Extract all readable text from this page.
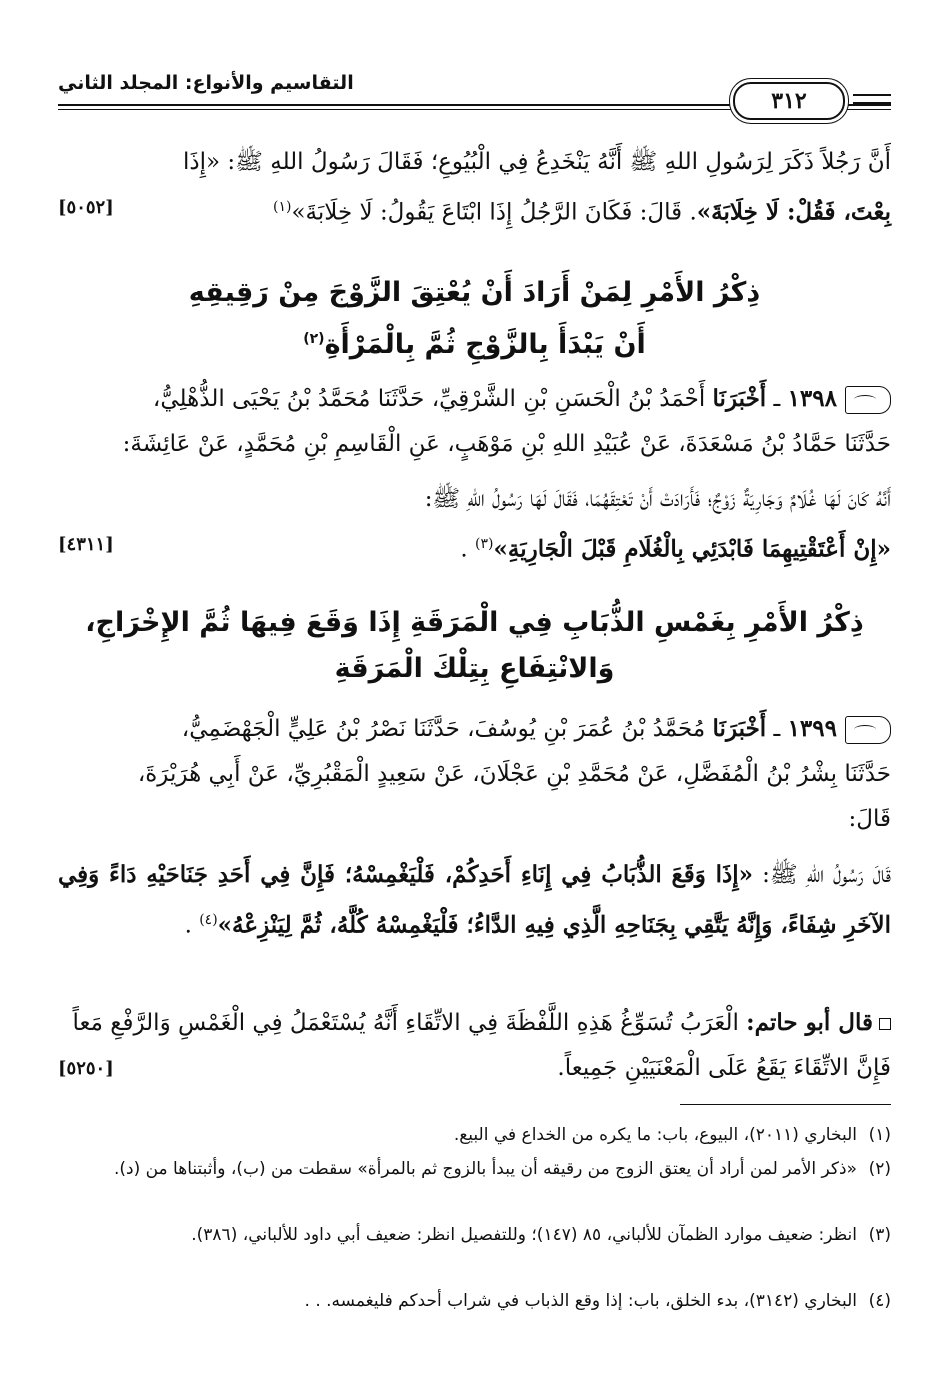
التقاسيم والأنواع: المجلد الثاني
٣١٢
أَنَّ رَجُلاً ذَكَرَ لِرَسُولِ اللهِ ﷺ أَنَّهُ يَنْخَدِعُ فِي الْبُيُوعِ؛ فَقَالَ رَسُولُ اللهِ ﷺ: «إِذَا
بِعْتَ، فَقُلْ: لَا خِلَابَةَ». قَالَ: فَكَانَ الرَّجُلُ إِذَا ابْتَاعَ يَقُولُ: لَا خِلَابَةَ»$^{(١)}$
[٥٠٥٢]
ذِكْرُ الأَمْرِ لِمَنْ أَرَادَ أَنْ يُعْتِقَ الزَّوْجَ مِنْ رَقِيقِهِ
أَنْ يَبْدَأَ بِالزَّوْجِ ثُمَّ بِالْمَرْأَةِ$^{(٢)}$
١٣٩٨ ـ أَخْبَرَنَا أَحْمَدُ بْنُ الْحَسَنِ بْنِ الشَّرْقِيِّ، حَدَّثَنَا مُحَمَّدُ بْنُ يَحْيَى الذُّهْلِيُّ،
حَدَّثَنَا حَمَّادُ بْنُ مَسْعَدَةَ، عَنْ عُبَيْدِ اللهِ بْنِ مَوْهَبٍ، عَنِ الْقَاسِمِ بْنِ مُحَمَّدٍ، عَنْ عَائِشَةَ:
أَنَّهُ كَانَ لَهَا غُلَامٌ وَجَارِيَةٌ زَوْجٌ؛ فَأَرَادَتْ أَنْ تَعْتِقَهُمَا، فَقَالَ لَهَا رَسُولُ اللهِ ﷺ:
«إِنْ أَعْتَقْتِيهِمَا فَابْدَئِي بِالْغُلَامِ قَبْلَ الْجَارِيَةِ»$^{(٣)}$ .
[٤٣١١]
ذِكْرُ الأَمْرِ بِغَمْسِ الذُّبَابِ فِي الْمَرَقَةِ إِذَا وَقَعَ فِيهَا ثُمَّ الإِخْرَاجِ،
وَالانْتِفَاعِ بِتِلْكَ الْمَرَقَةِ
١٣٩٩ ـ أَخْبَرَنَا مُحَمَّدُ بْنُ عُمَرَ بْنِ يُوسُفَ، حَدَّثَنَا نَصْرُ بْنُ عَلِيٍّ الْجَهْضَمِيُّ،
حَدَّثَنَا بِشْرُ بْنُ الْمُفَضَّلِ، عَنْ مُحَمَّدِ بْنِ عَجْلَانَ، عَنْ سَعِيدٍ الْمَقْبُرِيِّ، عَنْ أَبِي هُرَيْرَةَ،
قَالَ:
قَالَ رَسُولُ اللهِ ﷺ: «إِذَا وَقَعَ الذُّبَابُ فِي إِنَاءِ أَحَدِكُمْ، فَلْيَغْمِسْهُ؛ فَإِنَّ فِي أَحَدِ جَنَاحَيْهِ دَاءً وَفِي الآخَرِ شِفَاءً، وَإِنَّهُ يَتَّقِي بِجَنَاحِهِ الَّذِي فِيهِ الدَّاءُ؛ فَلْيَغْمِسْهُ كُلَّهُ، ثُمَّ لِيَنْزِعْهُ»$^{(٤)}$ .
قال أبو حاتم: الْعَرَبُ تُسَوِّغُ هَذِهِ اللَّفْظَةَ فِي الاتِّقَاءِ أَنَّهُ يُسْتَعْمَلُ فِي الْغَمْسِ وَالرَّفْعِ مَعاً
فَإِنَّ الاتِّقَاءَ يَقَعُ عَلَى الْمَعْنَيَيْنِ جَمِيعاً.
[٥٢٥٠]
(١)البخاري (٢٠١١)، البيوع، باب: ما يكره من الخداع في البيع.
(٢)«ذكر الأمر لمن أراد أن يعتق الزوج من رقيقه أن يبدأ بالزوج ثم بالمرأة» سقطت من (ب)، وأثبتناها من (د).
(٣)انظر: ضعيف موارد الظمآن للألباني، ٨٥ (١٤٧)؛ وللتفصيل انظر: ضعيف أبي داود للألباني، (٣٨٦).
(٤)البخاري (٣١٤٢)، بدء الخلق، باب: إذا وقع الذباب في شراب أحدكم فليغمسه. . .
